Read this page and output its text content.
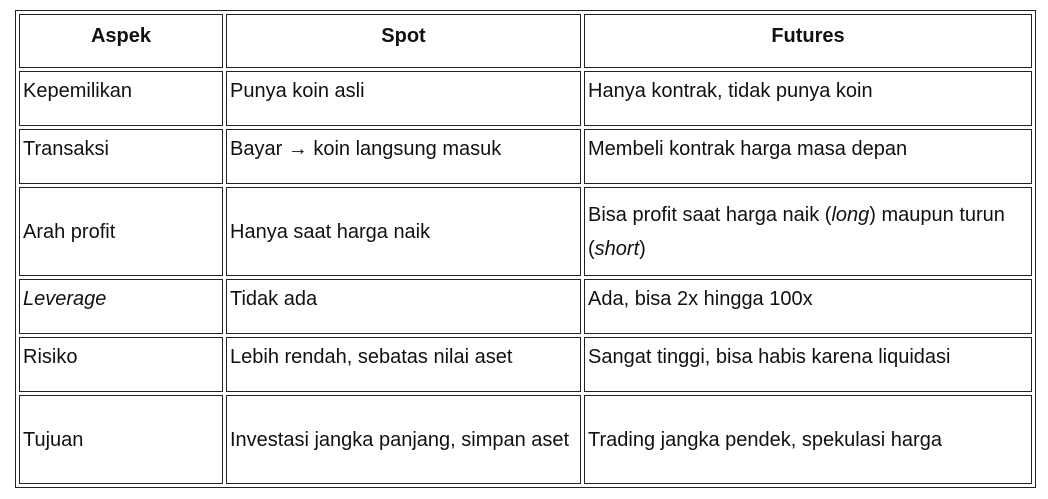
Aspek	Spot	Futures
Kepemilikan	Punya koin asli	Hanya kontrak, tidak punya koin
Transaksi	Bayar → koin langsung masuk	Membeli kontrak harga masa depan
Arah profit	Hanya saat harga naik	Bisa profit saat harga naik (long) maupun turun (short)
Leverage	Tidak ada	Ada, bisa 2x hingga 100x
Risiko	Lebih rendah, sebatas nilai aset	Sangat tinggi, bisa habis karena liquidasi
Tujuan	Investasi jangka panjang, simpan aset	Trading jangka pendek, spekulasi harga
